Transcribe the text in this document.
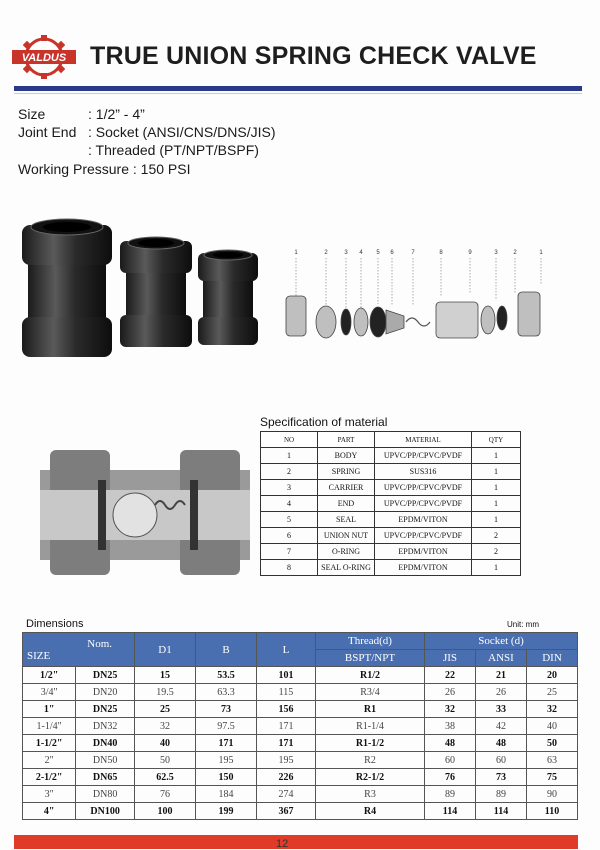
VALDUS TRUE UNION SPRING CHECK VALVE
Size	: 1/2” - 4”
Joint End : Socket (ANSI/CNS/DNS/JIS)
: Threaded (PT/NPT/BSPF)
Working Pressure : 150 PSI
1	2	3 4 5 6	7	8	9	3	2	1
Specification of material
NO	PART	MATERIAL	QTY
1	BODY	UPVC/PP/CPVC/PVDF	1
2	SPRING	SUS316	1
3	CARRIER	UPVC/PP/CPVC/PVDF	1
4	END	UPVC/PP/CPVC/PVDF	1
5	SEAL	EPDM/VITON	1
6	UNION NUT	UPVC/PP/CPVC/PVDF	2
7	O-RING	EPDM/VITON	2
8	SEAL O-RING	EPDM/VITON	1
Dimensions	Unit: mm
Nom.
SIZE		D1	B	L	Thread(d)	Socket (d)		
					BSPT/NPT	JIS	ANSI	DIN
1/2"	DN25	15	53.5	101	R1/2	22	21	20
3/4"	DN20	19.5	63.3	115	R3/4	26	26	25
1"	DN25	25	73	156	R1	32	33	32
1-1/4"	DN32	32	97.5	171	R1-1/4	38	42	40
1-1/2"	DN40	40	171	171	R1-1/2	48	48	50
2"	DN50	50	195	195	R2	60	60	63
2-1/2"	DN65	62.5	150	226	R2-1/2	76	73	75
3"	DN80	76	184	274	R3	89	89	90
4"	DN100	100	199	367	R4	114	114	110
12
